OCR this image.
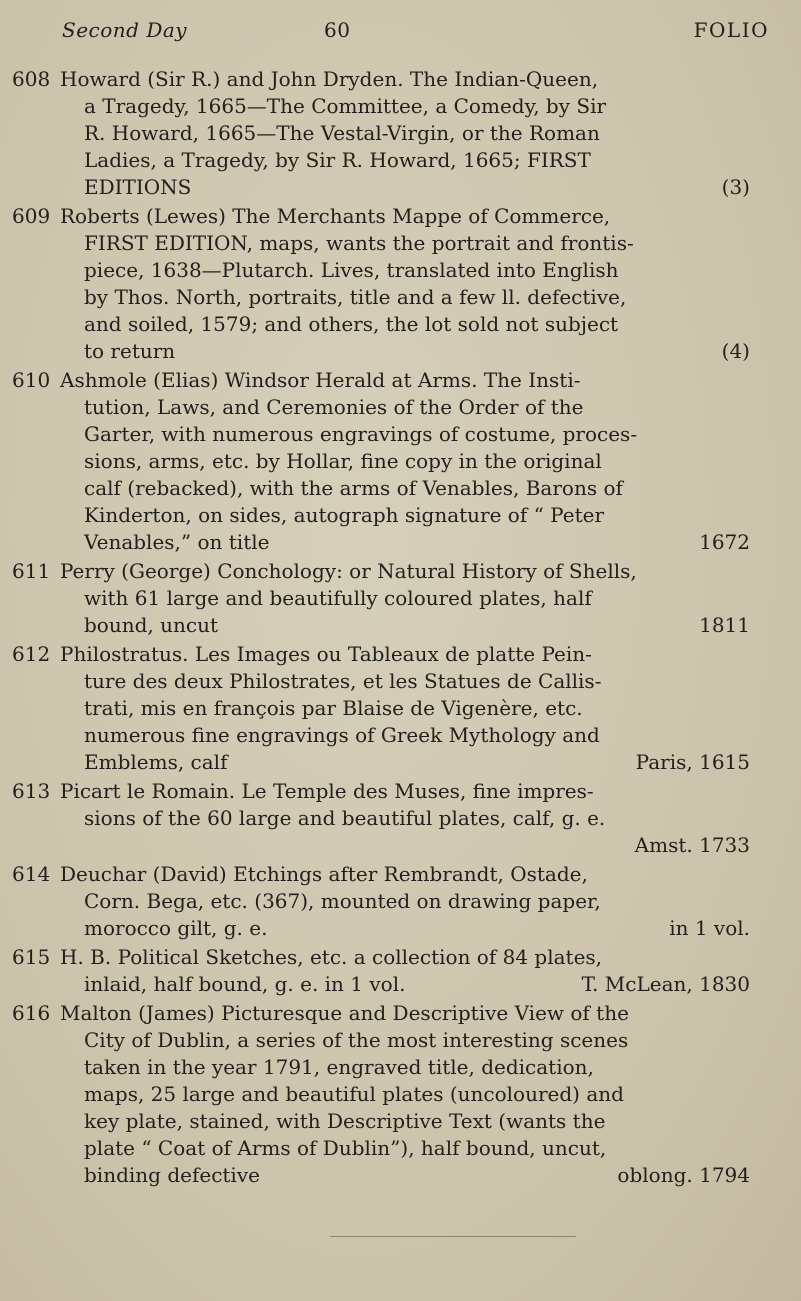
Second Day	60	FOLIO
608 Howard (Sir R.) and John Dryden. The Indian-Queen,
a Tragedy, 1665—The Committee, a Comedy, by Sir
R. Howard, 1665—The Vestal-Virgin, or the Roman
Ladies, a Tragedy, by Sir R. Howard, 1665; FIRST
EDITIONS	(3)
609 Roberts (Lewes) The Merchants Mappe of Commerce,
FIRST EDITION, maps, wants the portrait and frontis-
piece, 1638—Plutarch. Lives, translated into English
by Thos. North, portraits, title and a few ll. defective,
and soiled, 1579; and others, the lot sold not subject
to return	(4)
610 Ashmole (Elias) Windsor Herald at Arms. The Insti-
tution, Laws, and Ceremonies of the Order of the
Garter, with numerous engravings of costume, proces-
sions, arms, etc. by Hollar, fine copy in the original
calf (rebacked), with the arms of Venables, Barons of
Kinderton, on sides, autograph signature of “ Peter
Venables,” on title	1672
611 Perry (George) Conchology: or Natural History of Shells,
with 61 large and beautifully coloured plates, half
bound, uncut	1811
612 Philostratus. Les Images ou Tableaux de platte Pein-
ture des deux Philostrates, et les Statues de Callis-
trati, mis en françois par Blaise de Vigenère, etc.
numerous fine engravings of Greek Mythology and
Emblems, calf	Paris, 1615
613 Picart le Romain. Le Temple des Muses, fine impres-
sions of the 60 large and beautiful plates, calf, g. e.
Amst. 1733
614 Deuchar (David) Etchings after Rembrandt, Ostade,
Corn. Bega, etc. (367), mounted on drawing paper,
morocco gilt, g. e.	in 1 vol.
615 H. B. Political Sketches, etc. a collection of 84 plates,
inlaid, half bound, g. e. in 1 vol.	T. McLean, 1830
616 Malton (James) Picturesque and Descriptive View of the
City of Dublin, a series of the most interesting scenes
taken in the year 1791, engraved title, dedication,
maps, 25 large and beautiful plates (uncoloured) and
key plate, stained, with Descriptive Text (wants the
plate “ Coat of Arms of Dublin”), half bound, uncut,
binding defective	oblong. 1794
